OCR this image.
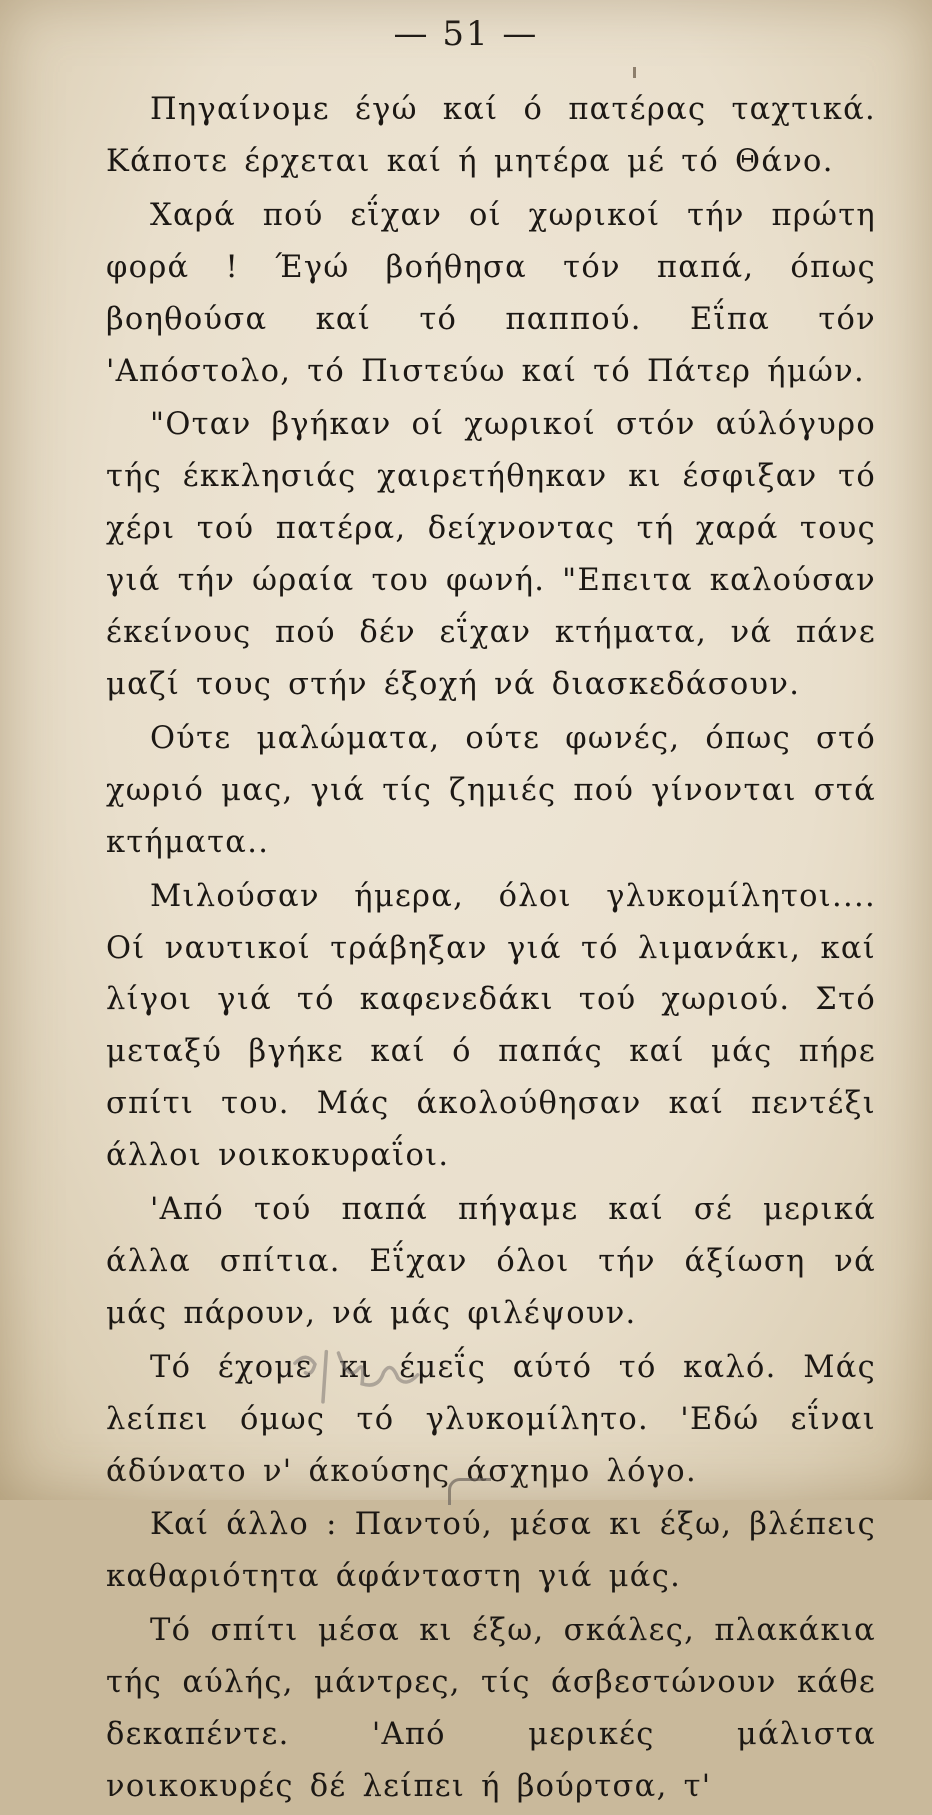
— 51 —

Πηγαίνομε έγώ καί ό πατέρας ταχτικά. Κάποτε έρχεται καί ή μητέρα μέ τό Θάνο.

Χαρά πού εΐχαν οί χωρικοί τήν πρώτη φορά ! Έγώ βοήθησα τόν παπά, όπως βοηθούσα καί τό παππού. Εΐπα τόν 'Απόστολο, τό Πιστεύω καί τό Πάτερ ήμών.

"Οταν βγήκαν οί χωρικοί στόν αύλόγυρο τής έκκλησιάς χαιρετήθηκαν κι έσφιξαν τό χέρι τού πατέρα, δείχνοντας τή χαρά τους γιά τήν ώραία του φωνή. "Επειτα καλούσαν έκείνους πού δέν εΐχαν κτήματα, νά πάνε μαζί τους στήν έξοχή νά διασκεδάσουν.

Ούτε μαλώματα, ούτε φωνές, όπως στό χωριό μας, γιά τίς ζημιές πού γίνονται στά κτήματα..

Μιλούσαν ήμερα, όλοι γλυκομίλητοι.... Οί ναυτικοί τράβηξαν γιά τό λιμανάκι, καί λίγοι γιά τό καφενεδάκι τού χωριού. Στό μεταξύ βγήκε καί ό παπάς καί μάς πήρε σπίτι του. Μάς άκολούθησαν καί πεντέξι άλλοι νοικοκυραΐοι.

'Από τού παπά πήγαμε καί σέ μερικά άλλα σπίτια. Εΐχαν όλοι τήν άξίωση νά μάς πάρουν, νά μάς φιλέψουν.

Τό έχομε κι έμεΐς αύτό τό καλό. Μάς λείπει όμως τό γλυκομίλητο. 'Εδώ εΐναι άδύνατο ν' άκούσης άσχημο λόγο.

Καί άλλο : Παντού, μέσα κι έξω, βλέπεις καθαριότητα άφάνταστη γιά μάς.

Τό σπίτι μέσα κι έξω, σκάλες, πλακάκια τής αύλής, μάντρες, τίς άσβεστώνουν κάθε δεκαπέντε. 'Από μερικές μάλιστα νοικοκυρές δέ λείπει ή βούρτσα, τ'
